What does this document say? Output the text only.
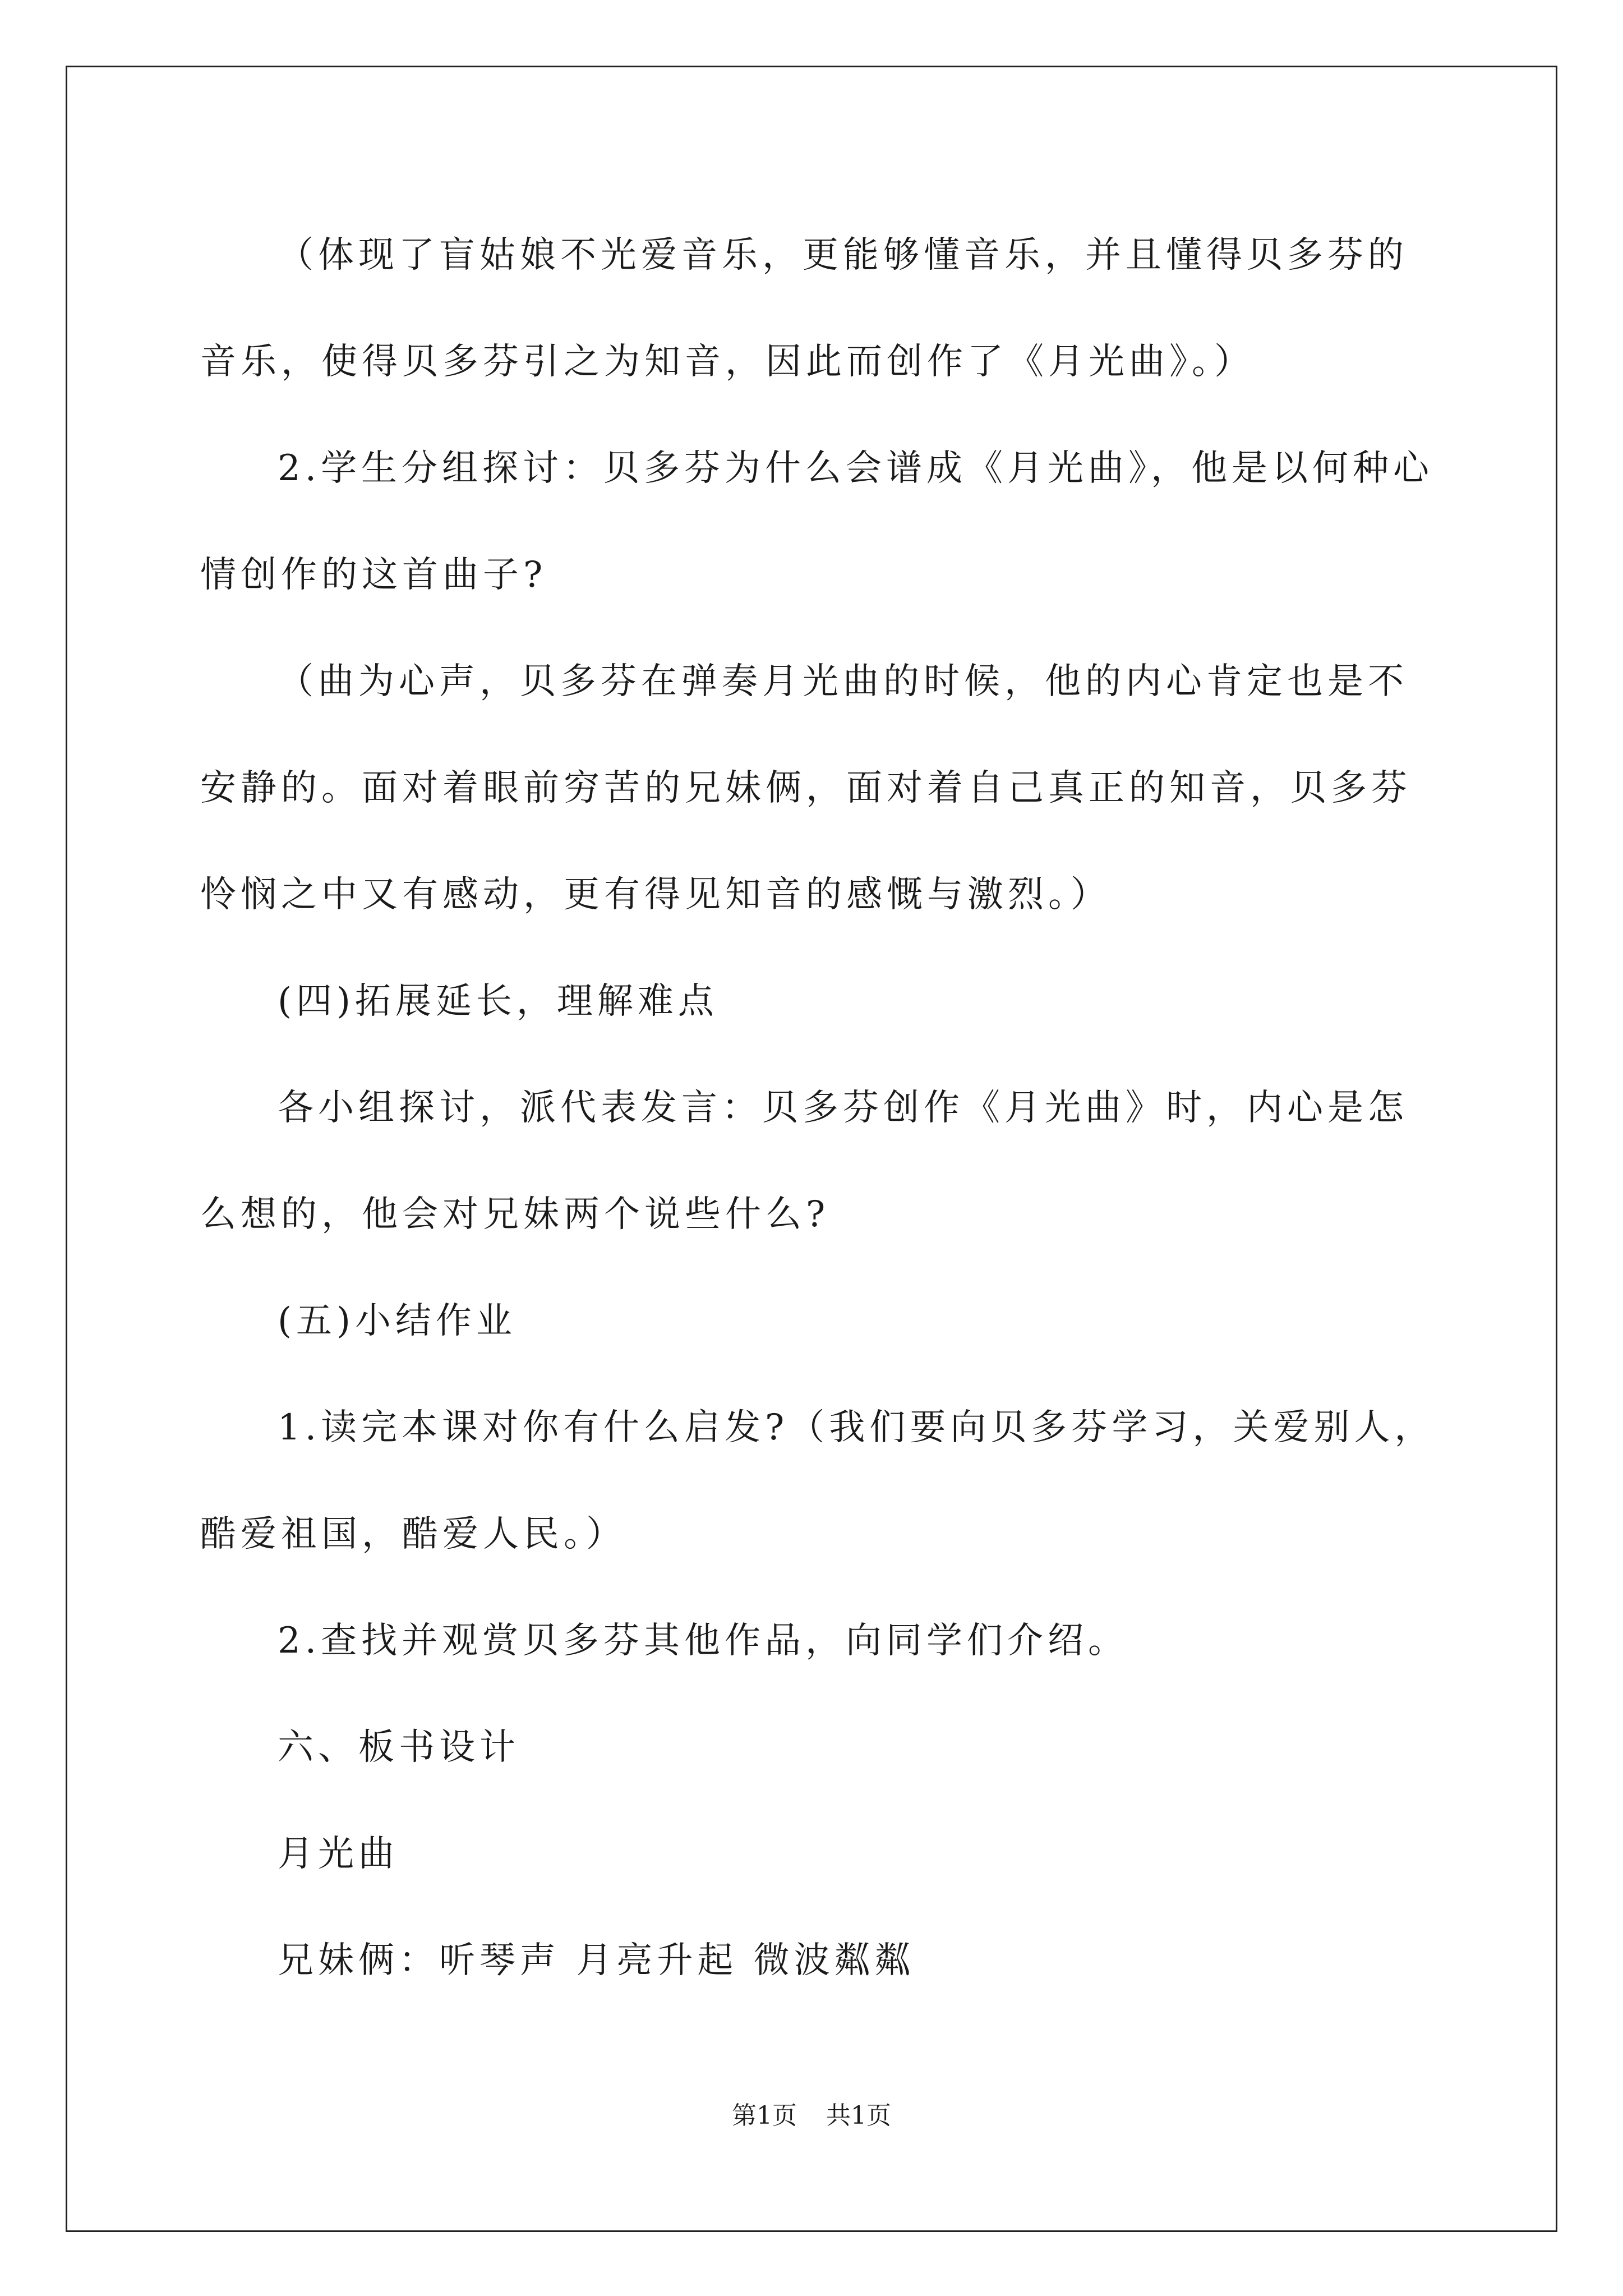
（体现了盲姑娘不光爱音乐，更能够懂音乐，并且懂得贝多芬的
音乐，使得贝多芬引之为知音，因此而创作了《月光曲》。）
2.学生分组探讨：贝多芬为什么会谱成《月光曲》，他是以何种心
情创作的这首曲子?
（曲为心声，贝多芬在弹奏月光曲的时候，他的内心肯定也是不
安静的。面对着眼前穷苦的兄妹俩，面对着自己真正的知音，贝多芬
怜悯之中又有感动，更有得见知音的感慨与激烈。）
(四)拓展延长，理解难点
各小组探讨，派代表发言：贝多芬创作《月光曲》时，内心是怎
么想的，他会对兄妹两个说些什么?
(五)小结作业
1.读完本课对你有什么启发?（我们要向贝多芬学习，关爱别人，
酷爱祖国，酷爱人民。）
2.查找并观赏贝多芬其他作品，向同学们介绍。
六、板书设计
月光曲
兄妹俩：听琴声 月亮升起 微波粼粼
第1页 共1页
